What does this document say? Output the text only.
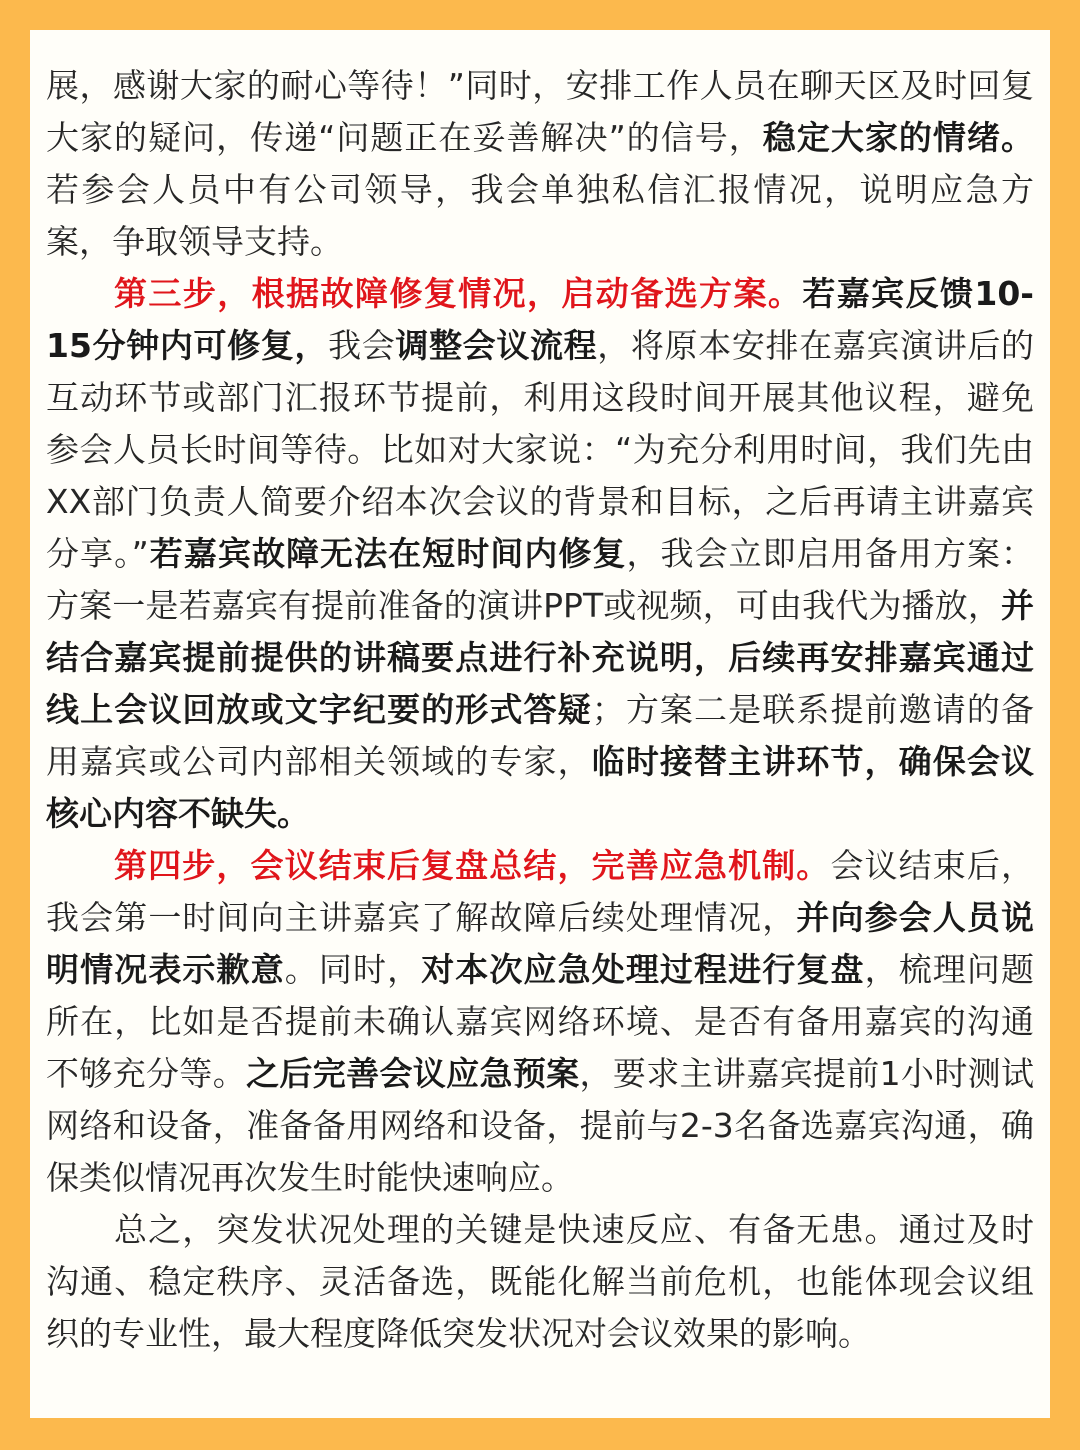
展，感谢大家的耐心等待！”同时，安排工作人员在聊天区及时回复大家的疑问，传递“问题正在妥善解决”的信号，稳定大家的情绪。若参会人员中有公司领导，我会单独私信汇报情况，说明应急方案，争取领导支持。

第三步，根据故障修复情况，启动备选方案。若嘉宾反馈10-15分钟内可修复，我会调整会议流程，将原本安排在嘉宾演讲后的互动环节或部门汇报环节提前，利用这段时间开展其他议程，避免参会人员长时间等待。比如对大家说：“为充分利用时间，我们先由XX部门负责人简要介绍本次会议的背景和目标，之后再请主讲嘉宾分享。”若嘉宾故障无法在短时间内修复，我会立即启用备用方案：方案一是若嘉宾有提前准备的演讲PPT或视频，可由我代为播放，并结合嘉宾提前提供的讲稿要点进行补充说明，后续再安排嘉宾通过线上会议回放或文字纪要的形式答疑；方案二是联系提前邀请的备用嘉宾或公司内部相关领域的专家，临时接替主讲环节，确保会议核心内容不缺失。

第四步，会议结束后复盘总结，完善应急机制。会议结束后，我会第一时间向主讲嘉宾了解故障后续处理情况，并向参会人员说明情况表示歉意。同时，对本次应急处理过程进行复盘，梳理问题所在，比如是否提前未确认嘉宾网络环境、是否有备用嘉宾的沟通不够充分等。之后完善会议应急预案，要求主讲嘉宾提前1小时测试网络和设备，准备备用网络和设备，提前与2-3名备选嘉宾沟通，确保类似情况再次发生时能快速响应。

总之，突发状况处理的关键是快速反应、有备无患。通过及时沟通、稳定秩序、灵活备选，既能化解当前危机，也能体现会议组织的专业性，最大程度降低突发状况对会议效果的影响。
